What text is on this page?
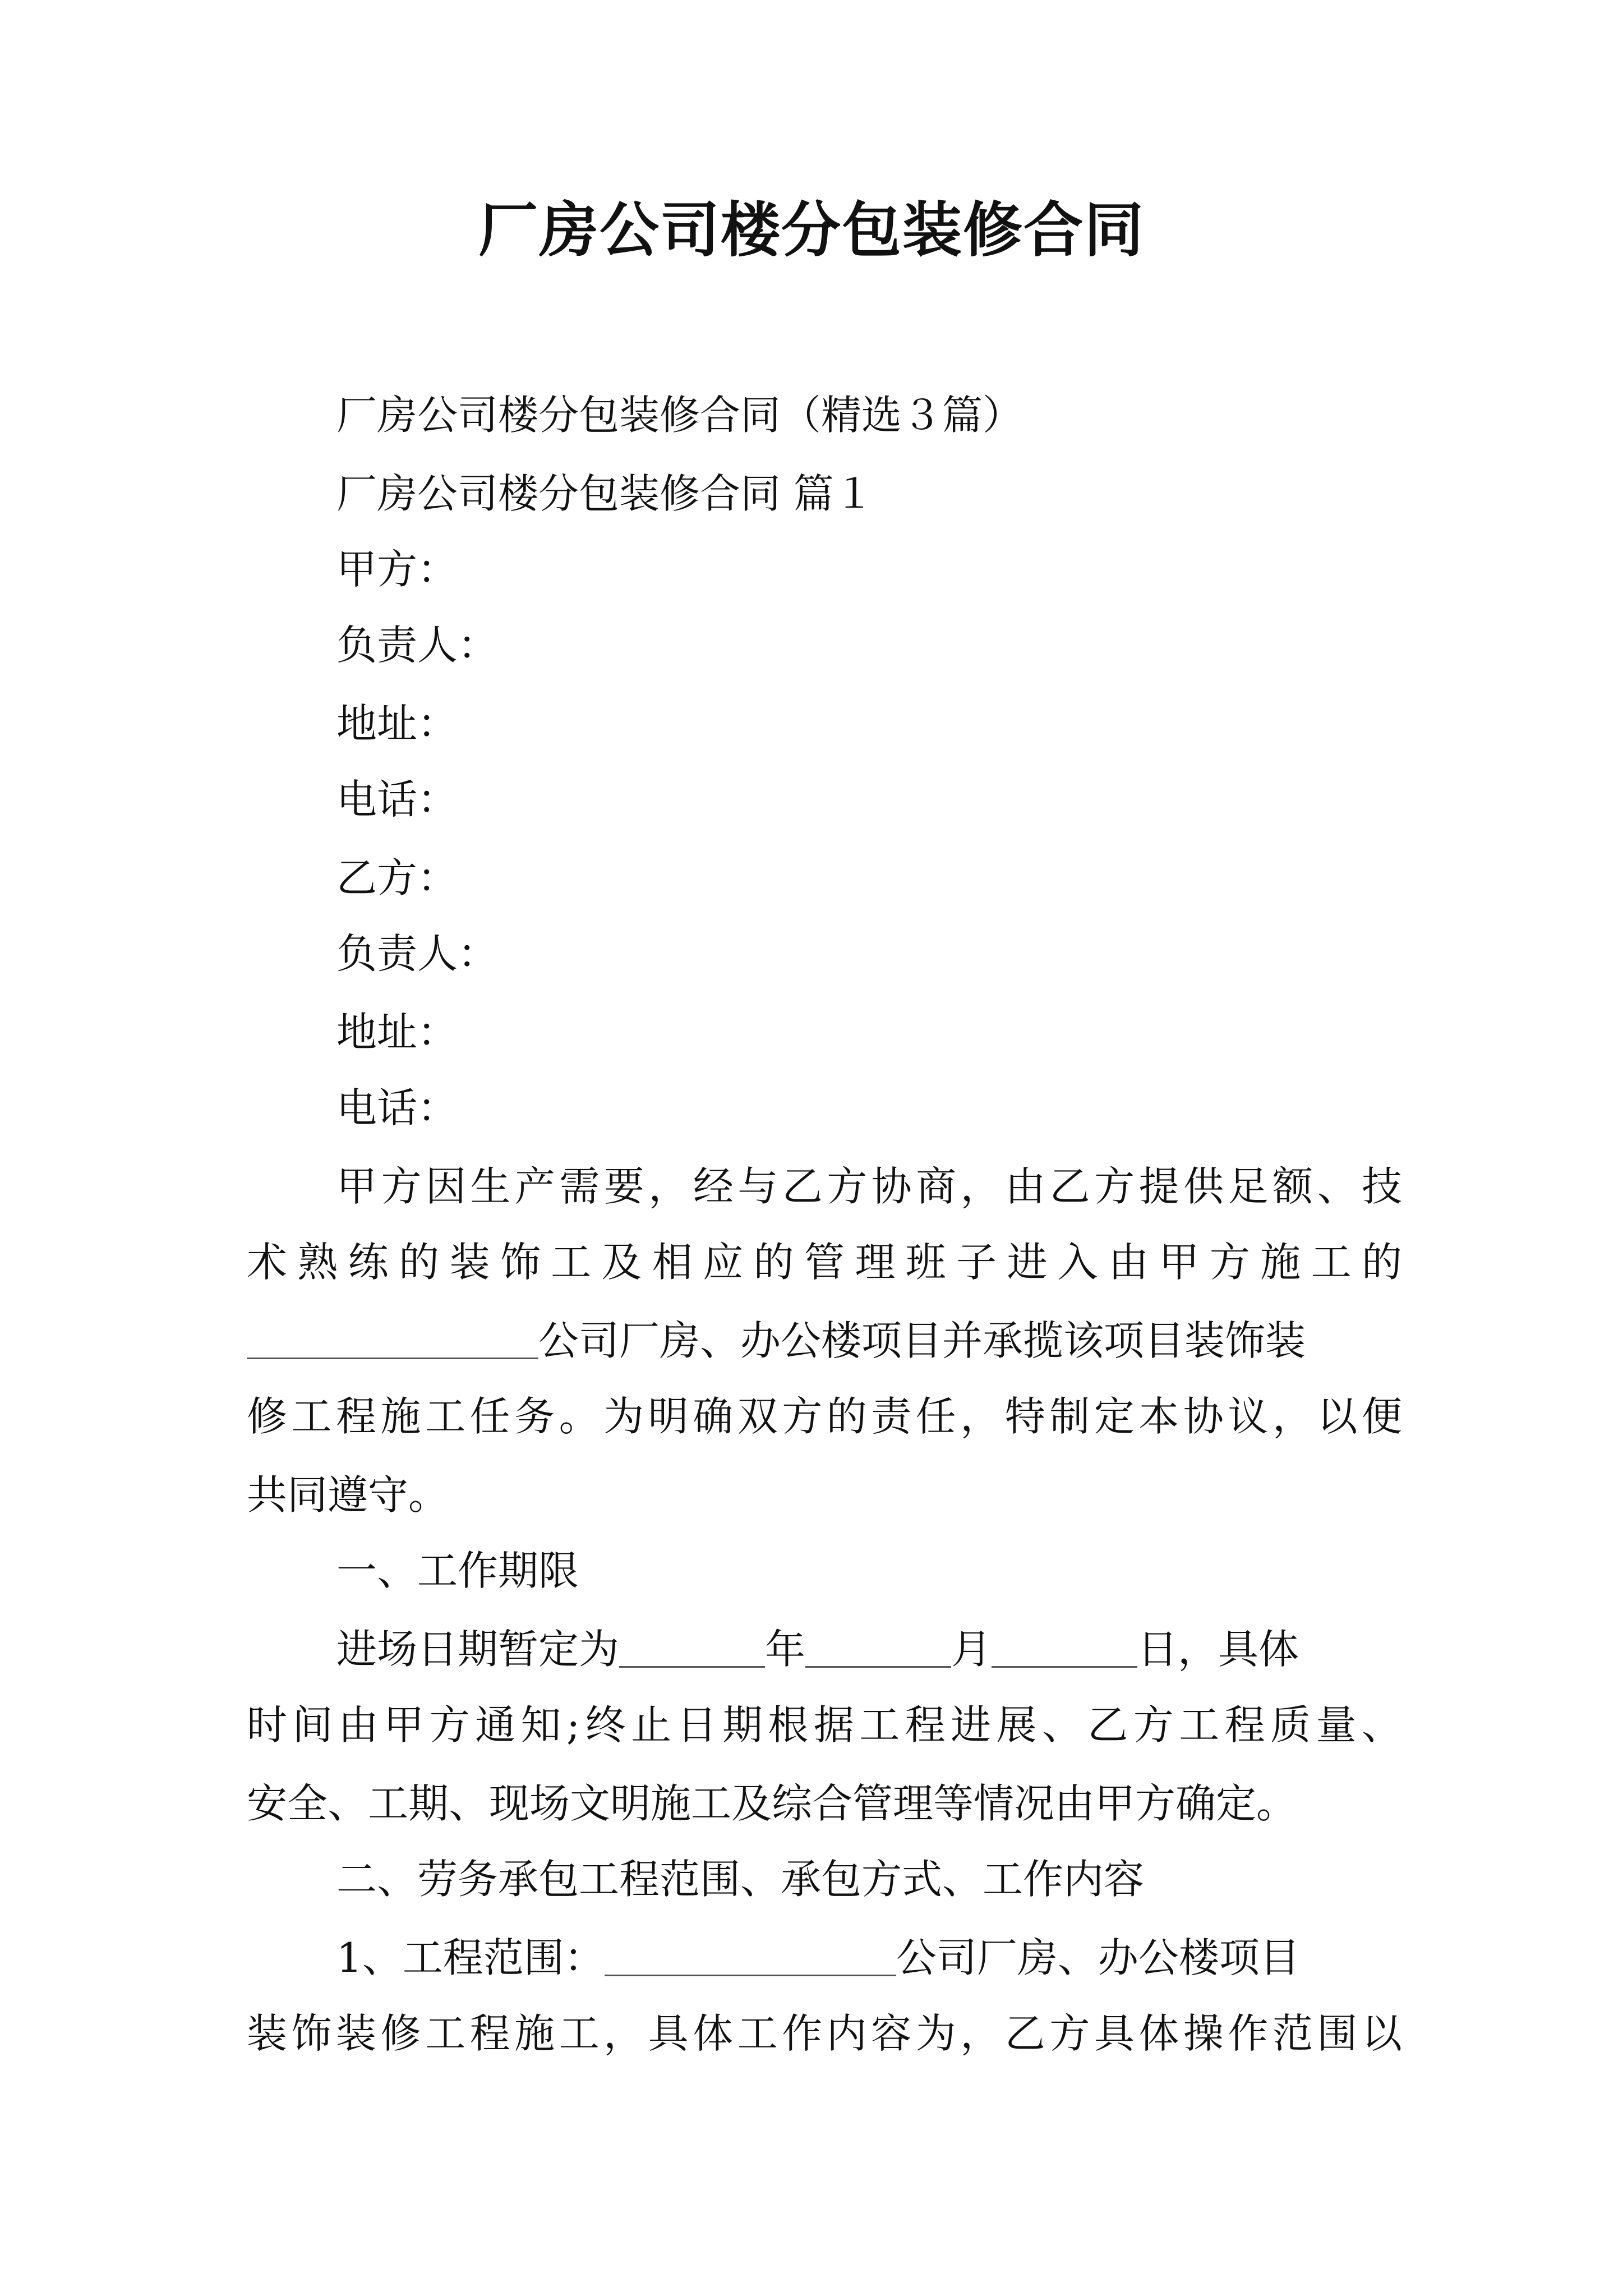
厂房公司楼分包装修合同
厂房公司楼分包装修合同（精选３篇）
厂房公司楼分包装修合同 篇１
甲方：
负责人：
地址：
电话：
乙方：
负责人：
地址：
电话：
甲方因生产需要，经与乙方协商，由乙方提供足额、技
术熟练的装饰工及相应的管理班子进入由甲方施工的
公司厂房、办公楼项目并承揽该项目装饰装
修工程施工任务。为明确双方的责任，特制定本协议，以便
共同遵守。
一、工作期限
进场日期暂定为	年	月	日，具体
时间由甲方通知;终止日期根据工程进展、乙方工程质量、
安全、工期、现场文明施工及综合管理等情况由甲方确定。
二、劳务承包工程范围、承包方式、工作内容
1、工程范围：	公司厂房、办公楼项目
装饰装修工程施工，具体工作内容为，乙方具体操作范围以
